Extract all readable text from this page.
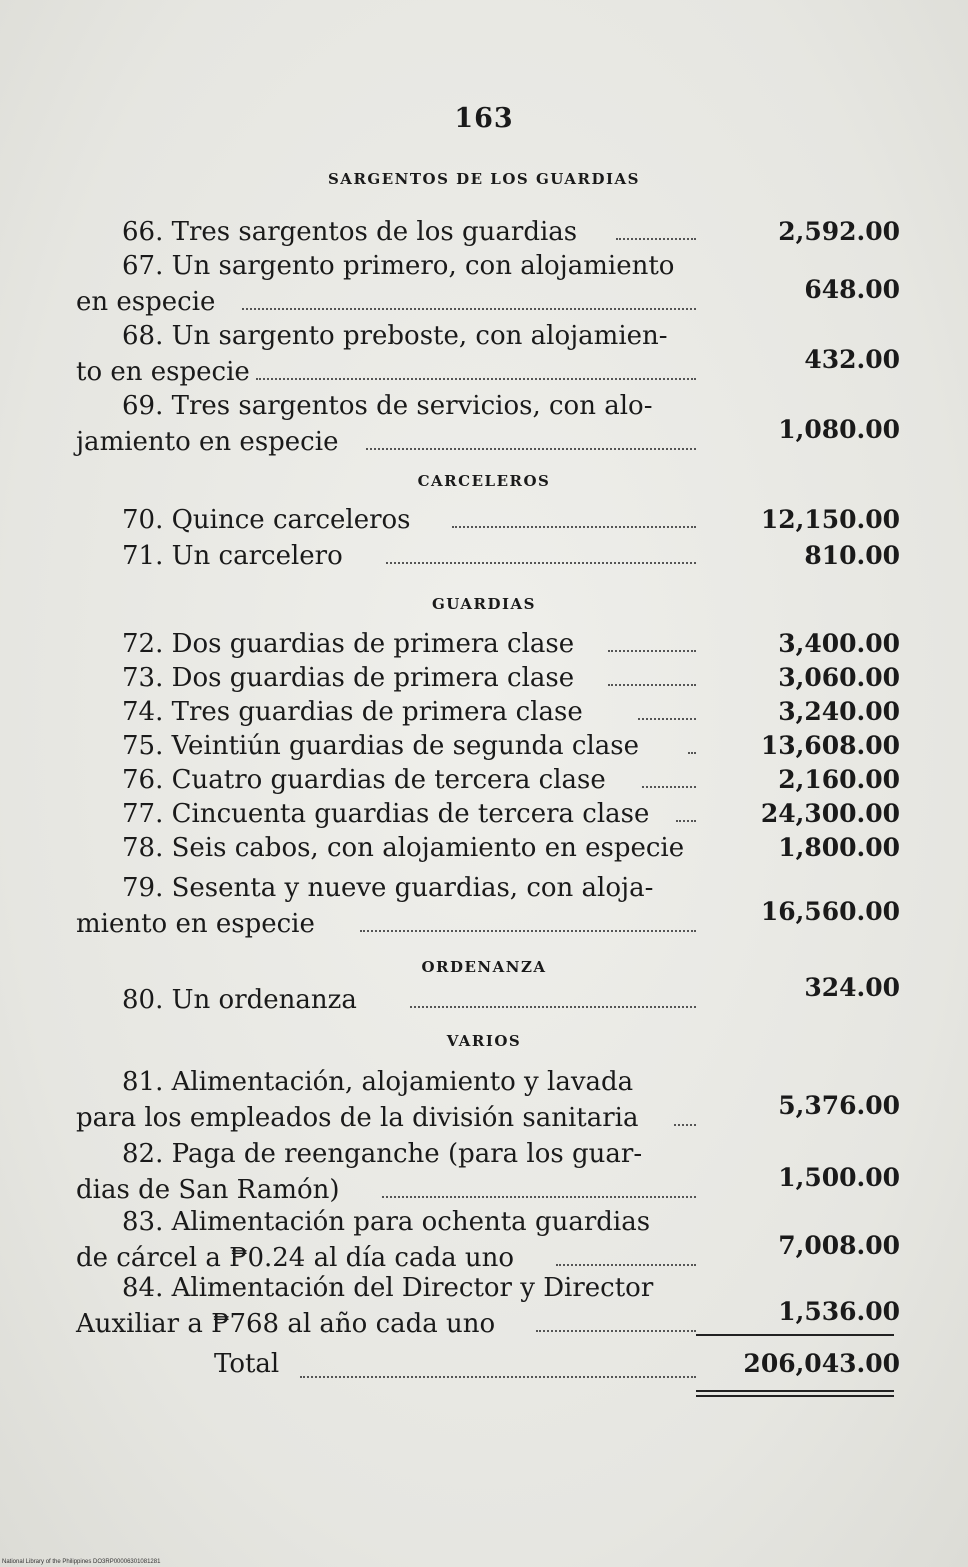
163
SARGENTOS DE LOS GUARDIAS
66. Tres sargentos de los guardias	2,592.00
67. Un sargento primero, con alojamiento
en especie	648.00
68. Un sargento preboste, con alojamien-
to en especie	432.00
69. Tres sargentos de servicios, con alo-
jamiento en especie	1,080.00
CARCELEROS
70. Quince carceleros	12,150.00
71. Un carcelero	810.00
GUARDIAS
72. Dos guardias de primera clase	3,400.00
73. Dos guardias de primera clase	3,060.00
74. Tres guardias de primera clase	3,240.00
75. Veintiún guardias de segunda clase	13,608.00
76. Cuatro guardias de tercera clase	2,160.00
77. Cincuenta guardias de tercera clase	24,300.00
78. Seis cabos, con alojamiento en especie	1,800.00
79. Sesenta y nueve guardias, con aloja-
miento en especie	16,560.00
ORDENANZA
80. Un ordenanza	324.00
VARIOS
81. Alimentación, alojamiento y lavada
para los empleados de la división sanitaria	5,376.00
82. Paga de reenganche (para los guar-
dias de San Ramón)	1,500.00
83. Alimentación para ochenta guardias
de cárcel a ₱0.24 al día cada uno	7,008.00
84. Alimentación del Director y Director
Auxiliar a ₱768 al año cada uno	1,536.00
Total	206,043.00
National Library of the Philippines DO3RP00006301081281
